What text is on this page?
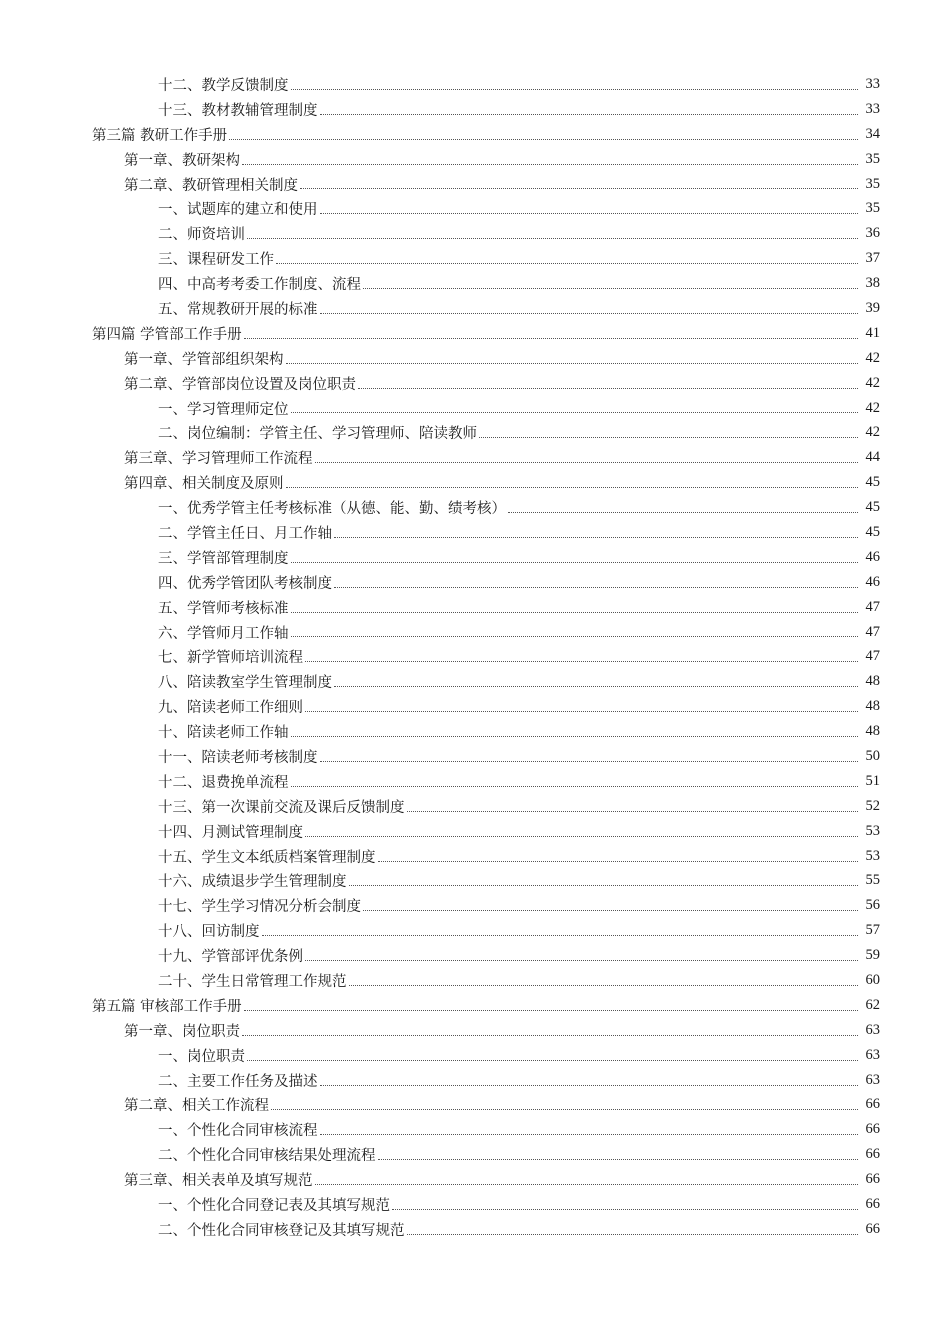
十二、教学反馈制度	33
十三、教材教辅管理制度	33
第三篇 教研工作手册	34
第一章、教研架构	35
第二章、教研管理相关制度	35
一、试题库的建立和使用	35
二、师资培训	36
三、课程研发工作	37
四、中高考考委工作制度、流程	38
五、常规教研开展的标准	39
第四篇 学管部工作手册	41
第一章、学管部组织架构	42
第二章、学管部岗位设置及岗位职责	42
一、学习管理师定位	42
二、岗位编制：学管主任、学习管理师、陪读教师	42
第三章、学习管理师工作流程	44
第四章、相关制度及原则	45
一、优秀学管主任考核标准（从德、能、勤、绩考核）	45
二、学管主任日、月工作轴	45
三、学管部管理制度	46
四、优秀学管团队考核制度	46
五、学管师考核标准	47
六、学管师月工作轴	47
七、新学管师培训流程	47
八、陪读教室学生管理制度	48
九、陪读老师工作细则	48
十、陪读老师工作轴	48
十一、陪读老师考核制度	50
十二、退费挽单流程	51
十三、第一次课前交流及课后反馈制度	52
十四、月测试管理制度	53
十五、学生文本纸质档案管理制度	53
十六、成绩退步学生管理制度	55
十七、学生学习情况分析会制度	56
十八、回访制度	57
十九、学管部评优条例	59
二十、学生日常管理工作规范	60
第五篇 审核部工作手册	62
第一章、岗位职责	63
一、岗位职责	63
二、主要工作任务及描述	63
第二章、相关工作流程	66
一、个性化合同审核流程	66
二、个性化合同审核结果处理流程	66
第三章、相关表单及填写规范	66
一、个性化合同登记表及其填写规范	66
二、个性化合同审核登记及其填写规范	66
